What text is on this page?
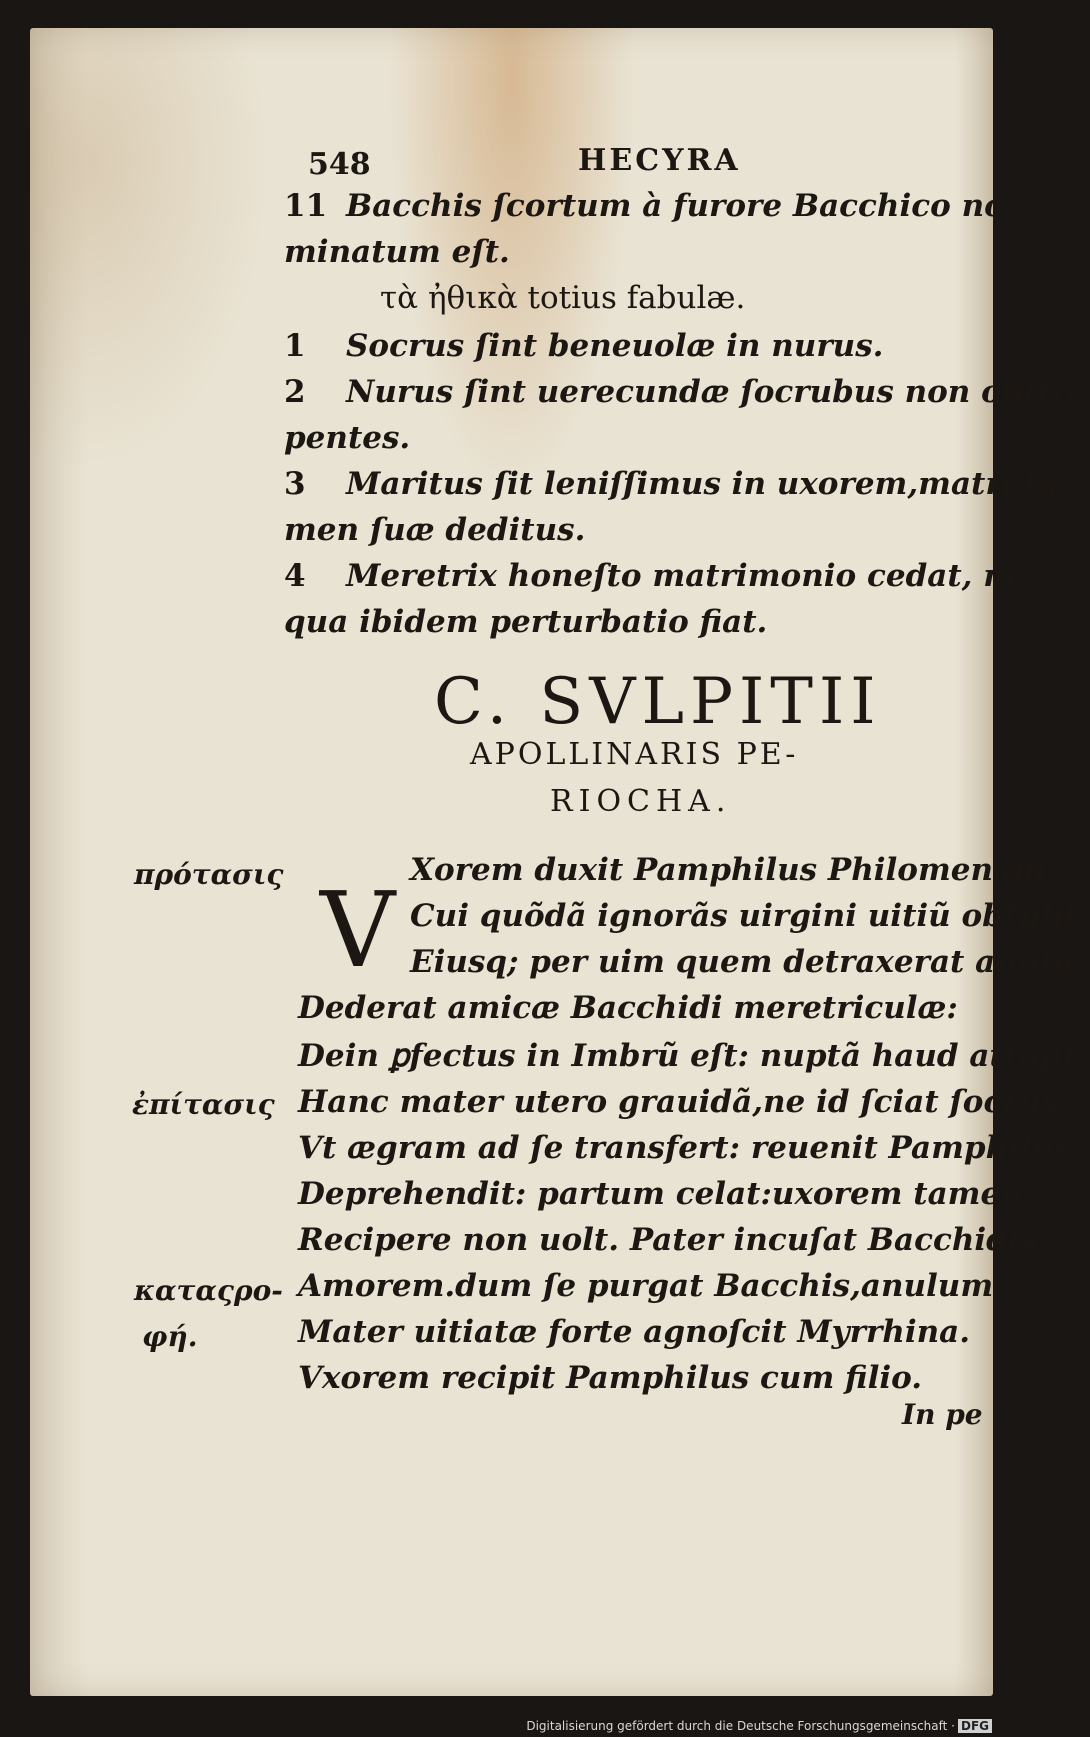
548	HECYRA
11 Bacchis ſcortum à furore Bacchico no-
minatum eſt.
τὰ ἠθικὰ totius fabulæ.
1 Socrus ſint beneuolæ in nurus.
2 Nurus ſint uerecundæ ſocrubus non obſtre
pentes.
3 Maritus ſit leniſſimus in uxorem,matri ta-
men ſuæ deditus.
4 Meretrix honeſto matrimonio cedat, ne
qua ibidem perturbatio fiat.
C. SVLPITII
APOLLINARIS PE-
RIOCHA.
πρότασις
ἐπίτασις
καταςρο-
φή.
V Xorem duxit Pamphilus Philomenam,
Cui quõdã ignorãs uirgini uitiũ obtulit:
Eiusq; per uim quem detraxerat anulũ,
Dederat amicæ Bacchidi meretriculæ:
Dein ꝑfectus in Imbrũ eſt: nuptã haud attigit.
Hanc mater utero grauidã,ne id ſciat ſocrus,
Vt ægram ad ſe transfert: reuenit Pamphilus:
Deprehendit: partum celat:uxorem tamen
Recipere non uolt. Pater incuſat Bacchidis
Amorem.dum ſe purgat Bacchis,anulum
Mater uitiatæ forte agnoſcit Myrrhina.
Vxorem recipit Pamphilus cum filio.
In pe
Digitalisierung gefördert durch die Deutsche Forschungsgemeinschaft · DFG
